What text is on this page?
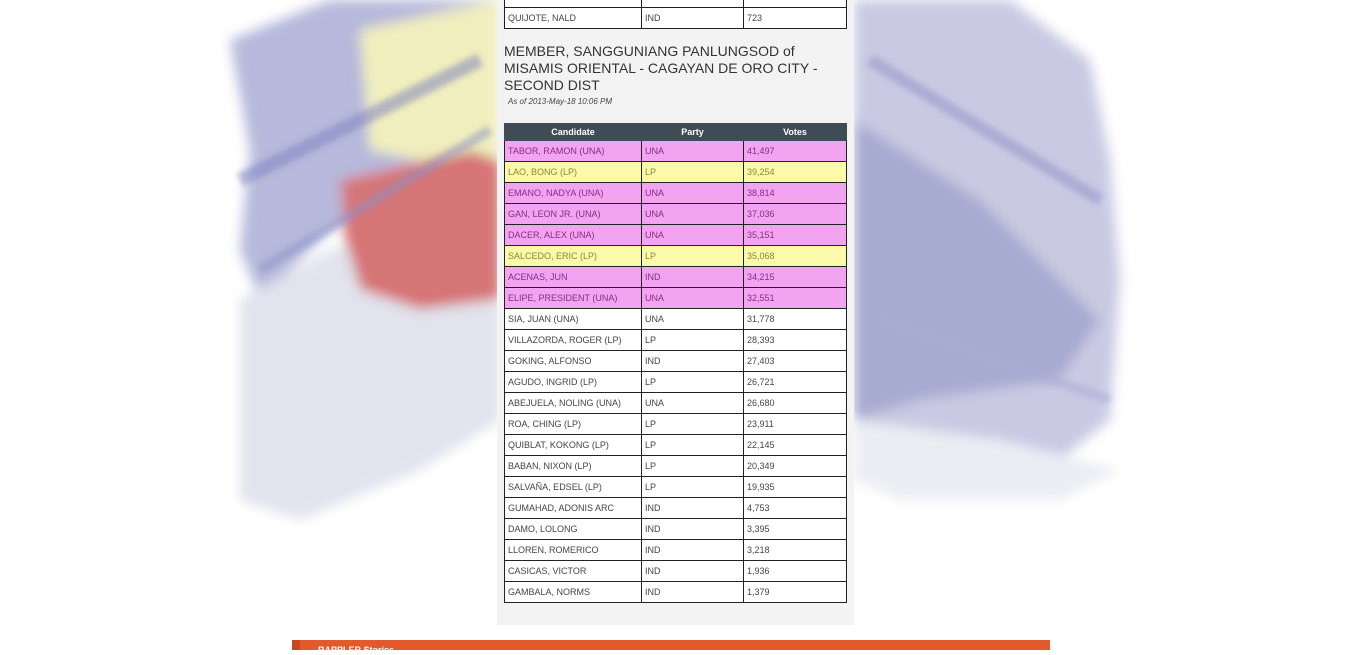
QUIJOTE, NALD	IND	723
MEMBER, SANGGUNIANG PANLUNGSOD of MISAMIS ORIENTAL - CAGAYAN DE ORO CITY - SECOND DIST
As of 2013-May-18 10:06 PM
Candidate	Party	Votes
TABOR, RAMON (UNA)	UNA	41,497
LAO, BONG (LP)	LP	39,254
EMANO, NADYA (UNA)	UNA	38,814
GAN, LEON JR. (UNA)	UNA	37,036
DACER, ALEX (UNA)	UNA	35,151
SALCEDO, ERIC (LP)	LP	35,068
ACENAS, JUN	IND	34,215
ELIPE, PRESIDENT (UNA)	UNA	32,551
SIA, JUAN (UNA)	UNA	31,778
VILLAZORDA, ROGER (LP)	LP	28,393
GOKING, ALFONSO	IND	27,403
AGUDO, INGRID (LP)	LP	26,721
ABEJUELA, NOLING (UNA)	UNA	26,680
ROA, CHING (LP)	LP	23,911
QUIBLAT, KOKONG (LP)	LP	22,145
BABAN, NIXON (LP)	LP	20,349
SALVAÑA, EDSEL (LP)	LP	19,935
GUMAHAD, ADONIS ARC	IND	4,753
DAMO, LOLONG	IND	3,395
LLOREN, ROMERICO	IND	3,218
CASICAS, VICTOR	IND	1,936
GAMBALA, NORMS	IND	1,379
RAPPLER Stories
